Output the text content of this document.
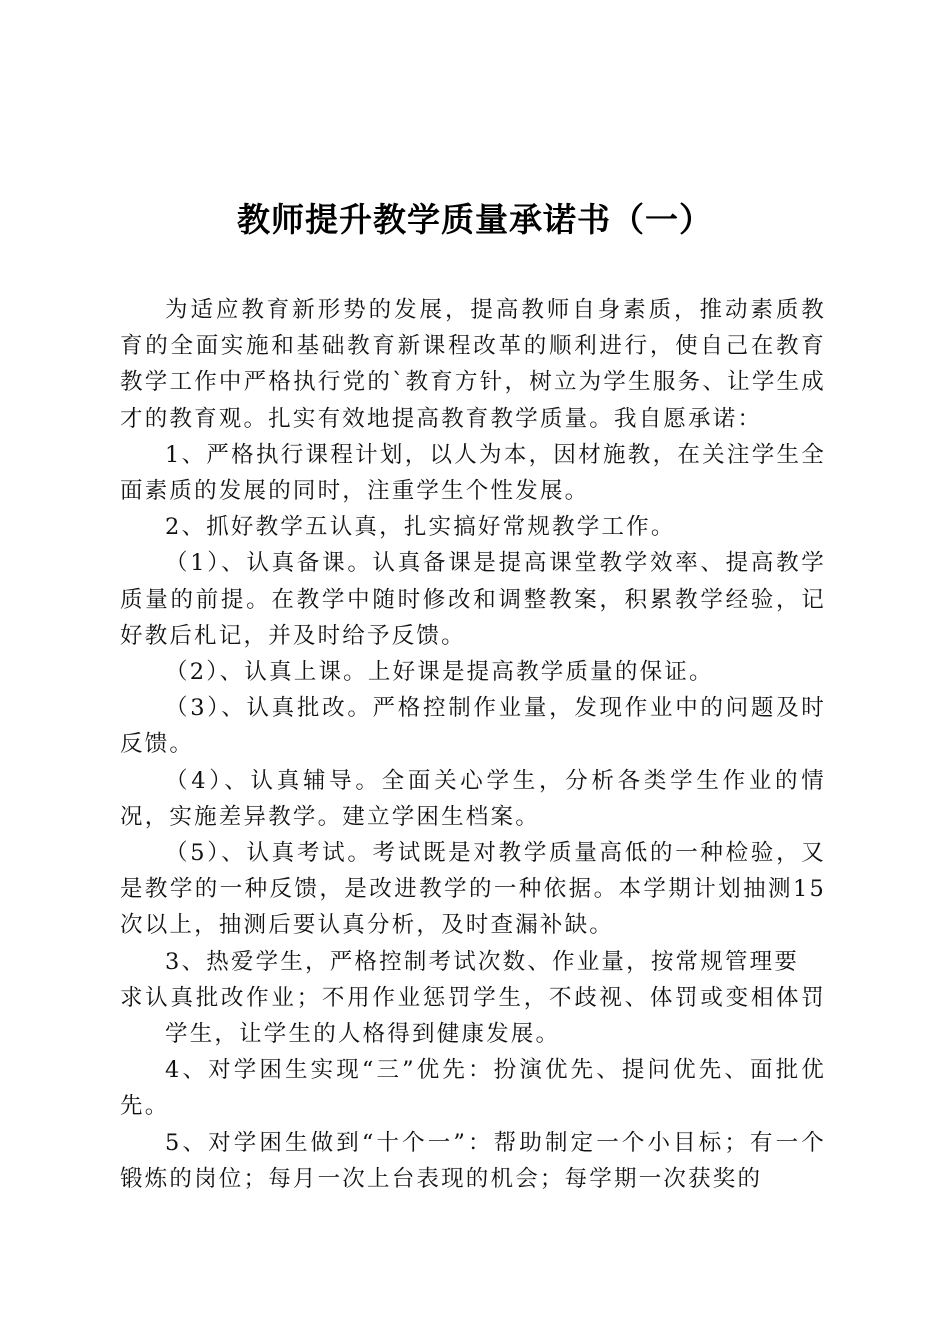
教师提升教学质量承诺书（一）

为适应教育新形势的发展，提高教师自身素质，推动素质教育的全面实施和基础教育新课程改革的顺利进行，使自己在教育教学工作中严格执行党的`教育方针，树立为学生服务、让学生成才的教育观。扎实有效地提高教育教学质量。我自愿承诺：

1、严格执行课程计划，以人为本，因材施教，在关注学生全面素质的发展的同时，注重学生个性发展。

2、抓好教学五认真，扎实搞好常规教学工作。

（1）、认真备课。认真备课是提高课堂教学效率、提高教学质量的前提。在教学中随时修改和调整教案，积累教学经验，记好教后札记，并及时给予反馈。

（2）、认真上课。上好课是提高教学质量的保证。

（3）、认真批改。严格控制作业量，发现作业中的问题及时反馈。

（4）、认真辅导。全面关心学生，分析各类学生作业的情况，实施差异教学。建立学困生档案。

（5）、认真考试。考试既是对教学质量高低的一种检验，又是教学的一种反馈，是改进教学的一种依据。本学期计划抽测15次以上，抽测后要认真分析，及时查漏补缺。

3、热爱学生，严格控制考试次数、作业量，按常规管理要

求认真批改作业；不用作业惩罚学生，不歧视、体罚或变相体罚学生，让学生的人格得到健康发展。

4、对学困生实现“三”优先：扮演优先、提问优先、面批优先。

5、对学困生做到“十个一”：帮助制定一个小目标；有一个锻炼的岗位；每月一次上台表现的机会；每学期一次获奖的
